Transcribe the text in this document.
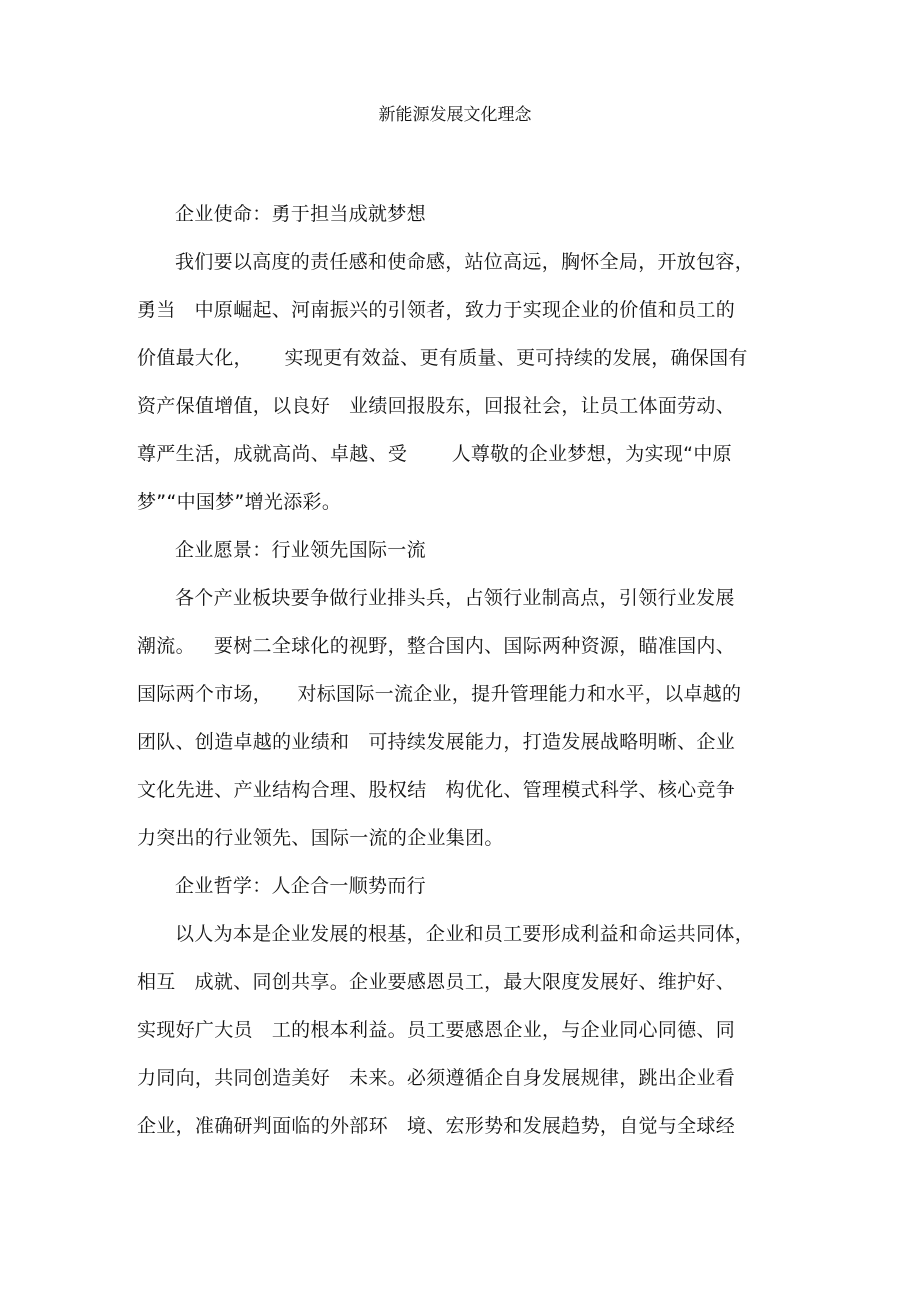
新能源发展文化理念
企业使命：勇于担当成就梦想
我们要以高度的责任感和使命感，站位高远，胸怀全局，开放包容，
勇当   中原崛起、河南振兴的引领者，致力于实现企业的价值和员工的
价值最大化，     实现更有效益、更有质量、更可持续的发展，确保国有
资产保值增值，以良好   业绩回报股东，回报社会，让员工体面劳动、
尊严生活，成就高尚、卓越、受       人尊敬的企业梦想，为实现“中原
梦”“中国梦”增光添彩。
企业愿景：行业领先国际一流
各个产业板块要争做行业排头兵，占领行业制高点，引领行业发展
潮流。   要树二全球化的视野，整合国内、国际两种资源，瞄准国内、
国际两个市场，    对标国际一流企业，提升管理能力和水平，以卓越的
团队、创造卓越的业绩和   可持续发展能力，打造发展战略明晰、企业
文化先进、产业结构合理、股权结   构优化、管理模式科学、核心竞争
力突出的行业领先、国际一流的企业集团。
企业哲学：人企合一顺势而行
以人为本是企业发展的根基，企业和员工要形成利益和命运共同体，
相互   成就、同创共享。企业要感恩员工，最大限度发展好、维护好、
实现好广大员   工的根本利益。员工要感恩企业，与企业同心同德、同
力同向，共同创造美好   未来。必须遵循企自身发展规律，跳出企业看
企业，准确研判面临的外部环   境、宏形势和发展趋势，自觉与全球经
